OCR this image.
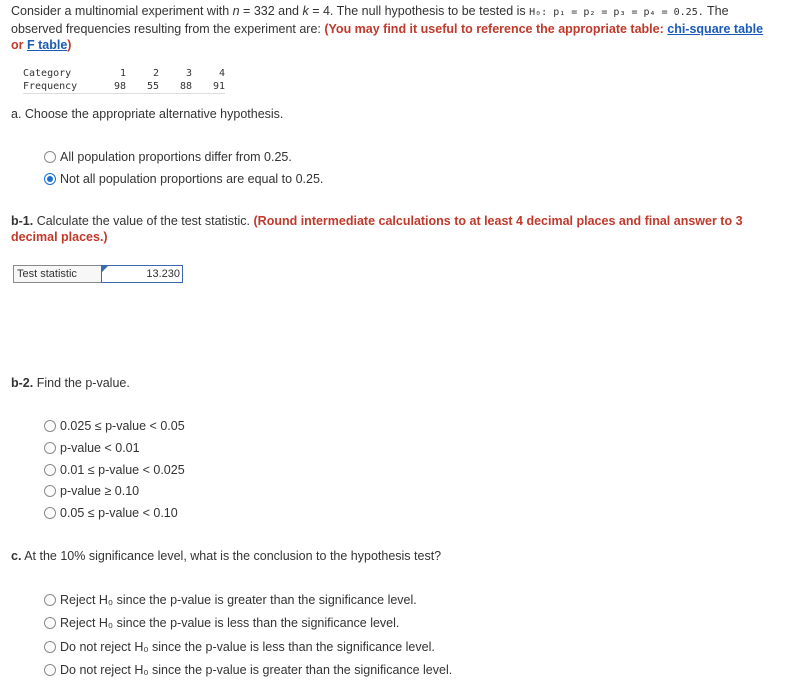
Consider a multinomial experiment with n = 332 and k = 4. The null hypothesis to be tested is H₀: p₁ = p₂ = p₃ = p₄ = 0.25. The
observed frequencies resulting from the experiment are: (You may find it useful to reference the appropriate table: chi-square table
or F table)
Category	1	2	3	4
Frequency	98	55	88	91
a. Choose the appropriate alternative hypothesis.
All population proportions differ from 0.25.
Not all population proportions are equal to 0.25.
b-1. Calculate the value of the test statistic. (Round intermediate calculations to at least 4 decimal places and final answer to 3
decimal places.)
Test statistic	13.230
b-2. Find the p-value.
0.025 ≤ p-value < 0.05
p-value < 0.01
0.01 ≤ p-value < 0.025
p-value ≥ 0.10
0.05 ≤ p-value < 0.10
c. At the 10% significance level, what is the conclusion to the hypothesis test?
Reject H₀ since the p-value is greater than the significance level.
Reject H₀ since the p-value is less than the significance level.
Do not reject H₀ since the p-value is less than the significance level.
Do not reject H₀ since the p-value is greater than the significance level.
